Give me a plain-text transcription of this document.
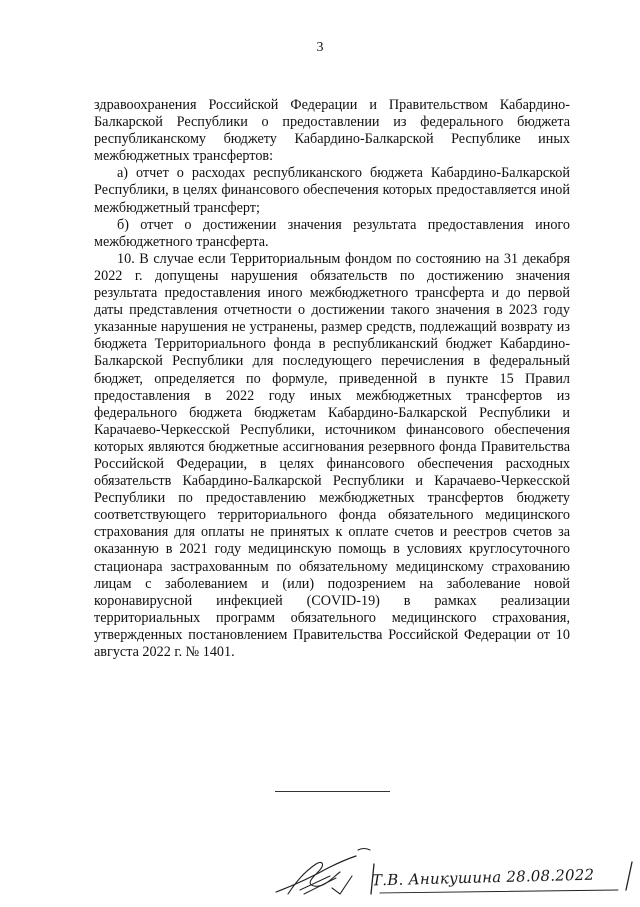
3

здравоохранения Российской Федерации и Правительством Кабардино-Балкарской Республики о предоставлении из федерального бюджета республиканскому бюджету Кабардино-Балкарской Республике иных межбюджетных трансфертов:

а) отчет о расходах республиканского бюджета Кабардино-Балкарской Республики, в целях финансового обеспечения которых предоставляется иной межбюджетный трансферт;

б) отчет о достижении значения результата предоставления иного межбюджетного трансферта.

10. В случае если Территориальным фондом по состоянию на 31 декабря 2022 г. допущены нарушения обязательств по достижению значения результата предоставления иного межбюджетного трансферта и до первой даты представления отчетности о достижении такого значения в 2023 году указанные нарушения не устранены, размер средств, подлежащий возврату из бюджета Территориального фонда в республиканский бюджет Кабардино-Балкарской Республики для последующего перечисления в федеральный бюджет, определяется по формуле, приведенной в пункте 15 Правил предоставления в 2022 году иных межбюджетных трансфертов из федерального бюджета бюджетам Кабардино-Балкарской Республики и Карачаево-Черкесской Республики, источником финансового обеспечения которых являются бюджетные ассигнования резервного фонда Правительства Российской Федерации, в целях финансового обеспечения расходных обязательств Кабардино-Балкарской Республики и Карачаево-Черкесской Республики по предоставлению межбюджетных трансфертов бюджету соответствующего территориального фонда обязательного медицинского страхования для оплаты не принятых к оплате счетов и реестров счетов за оказанную в 2021 году медицинскую помощь в условиях круглосуточного стационара застрахованным по обязательному медицинскому страхованию лицам с заболеванием и (или) подозрением на заболевание новой коронавирусной инфекцией (COVID-19) в рамках реализации территориальных программ обязательного медицинского страхования, утвержденных постановлением Правительства Российской Федерации от 10 августа 2022 г. № 1401.

Т.В. Аникушина 28.08.2022
